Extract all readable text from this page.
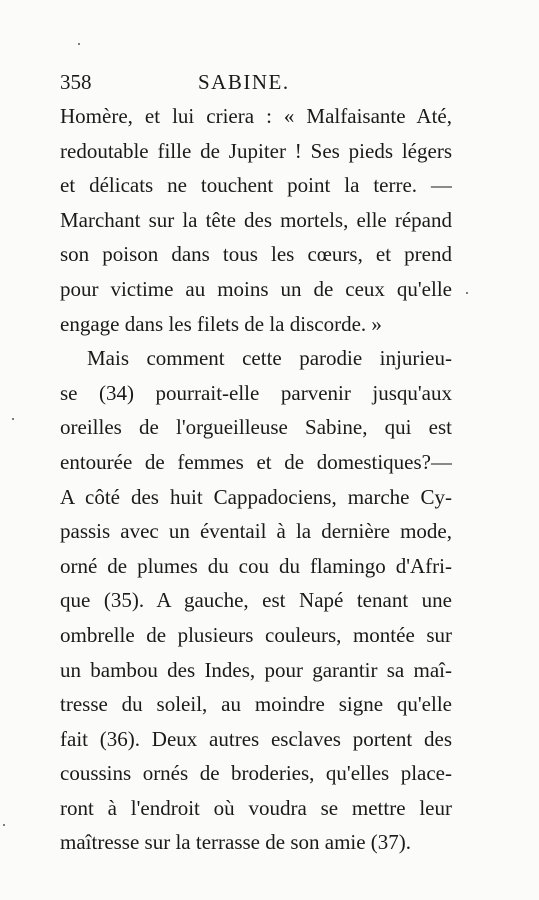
358	SABINE.
Homère, et lui criera : « Malfaisante Até,
redoutable fille de Jupiter ! Ses pieds légers
et délicats ne touchent point la terre. —
Marchant sur la tête des mortels, elle répand
son poison dans tous les cœurs, et prend
pour victime au moins un de ceux qu'elle
engage dans les filets de la discorde. »
Mais comment cette parodie injurieu-
se (34) pourrait-elle parvenir jusqu'aux
oreilles de l'orgueilleuse Sabine, qui est
entourée de femmes et de domestiques?—
A côté des huit Cappadociens, marche Cy-
passis avec un éventail à la dernière mode,
orné de plumes du cou du flamingo d'Afri-
que (35). A gauche, est Napé tenant une
ombrelle de plusieurs couleurs, montée sur
un bambou des Indes, pour garantir sa maî-
tresse du soleil, au moindre signe qu'elle
fait (36). Deux autres esclaves portent des
coussins ornés de broderies, qu'elles place-
ront à l'endroit où voudra se mettre leur
maîtresse sur la terrasse de son amie (37).
